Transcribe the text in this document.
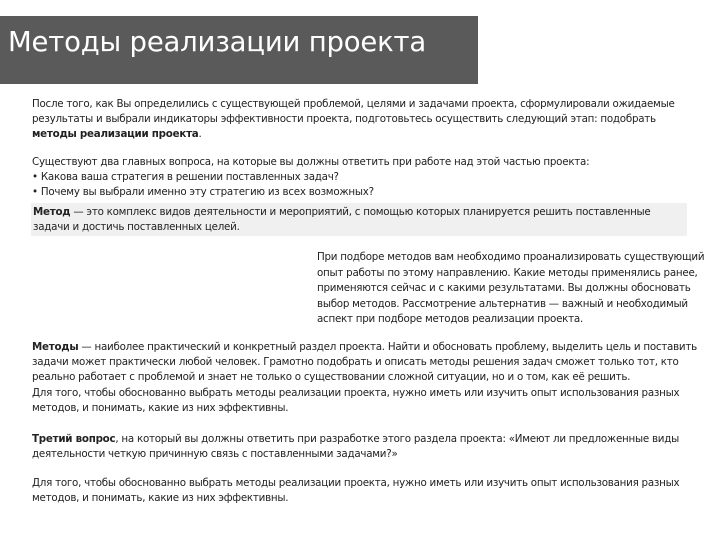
Методы реализации проекта

После того, как Вы определились с существующей проблемой, целями и задачами проекта, сформулировали ожидаемые результаты и выбрали индикаторы эффективности проекта, подготовьтесь осуществить следующий этап: подобрать методы реализации проекта.

Существуют два главных вопроса, на которые вы должны ответить при работе над этой частью проекта:
• Какова ваша стратегия в решении поставленных задач?
• Почему вы выбрали именно эту стратегию из всех возможных?

Метод — это комплекс видов деятельности и мероприятий, с помощью которых планируется решить поставленные задачи и достичь поставленных целей.

При подборе методов вам необходимо проанализировать существующий опыт работы по этому направлению. Какие методы применялись ранее, применяются сейчас и с какими результатами. Вы должны обосновать выбор методов. Рассмотрение альтернатив — важный и необходимый аспект при подборе методов реализации проекта.

Методы — наиболее практический и конкретный раздел проекта. Найти и обосновать проблему, выделить цель и поставить задачи может практически любой человек. Грамотно подобрать и описать методы решения задач сможет только тот, кто реально работает с проблемой и знает не только о существовании сложной ситуации, но и о том, как её решить.
Для того, чтобы обоснованно выбрать методы реализации проекта, нужно иметь или изучить опыт использования разных методов, и понимать, какие из них эффективны.

Третий вопрос, на который вы должны ответить при разработке этого раздела проекта: «Имеют ли предложенные виды деятельности четкую причинную связь с поставленными задачами?»

Для того, чтобы обоснованно выбрать методы реализации проекта, нужно иметь или изучить опыт использования разных методов, и понимать, какие из них эффективны.
